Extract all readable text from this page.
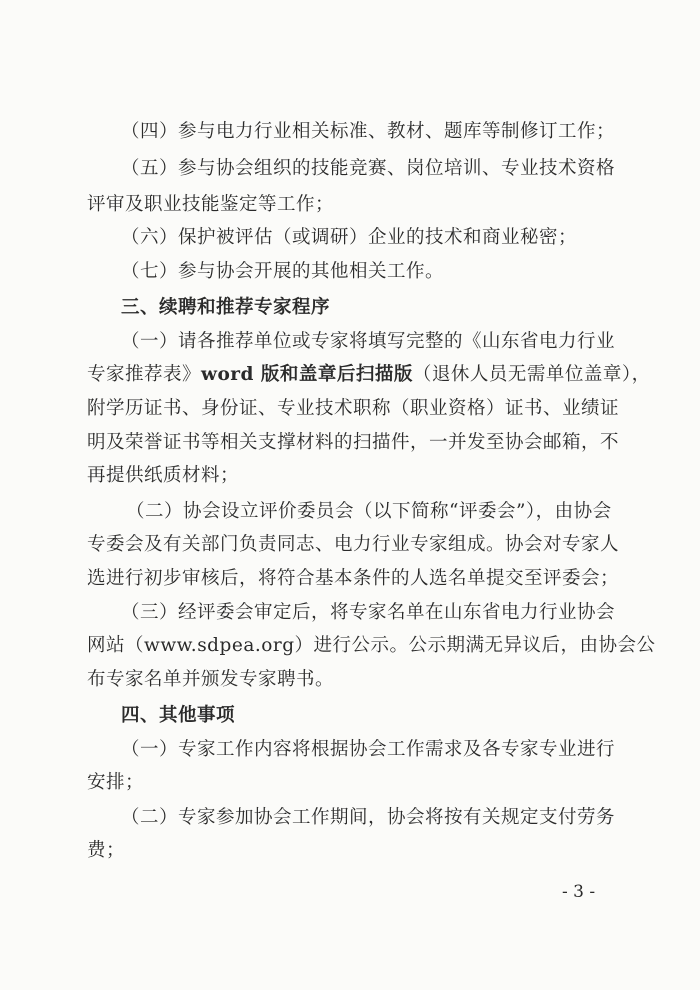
（四）参与电力行业相关标准、教材、题库等制修订工作；
（五）参与协会组织的技能竞赛、岗位培训、专业技术资格
评审及职业技能鉴定等工作；
（六）保护被评估（或调研）企业的技术和商业秘密；
（七）参与协会开展的其他相关工作。
三、续聘和推荐专家程序
（一）请各推荐单位或专家将填写完整的《山东省电力行业
专家推荐表》word 版和盖章后扫描版（退休人员无需单位盖章），
附学历证书、身份证、专业技术职称（职业资格）证书、业绩证
明及荣誉证书等相关支撑材料的扫描件，一并发至协会邮箱，不
再提供纸质材料；
（二）协会设立评价委员会（以下简称“评委会”），由协会
专委会及有关部门负责同志、电力行业专家组成。协会对专家人
选进行初步审核后，将符合基本条件的人选名单提交至评委会；
（三）经评委会审定后，将专家名单在山东省电力行业协会
网站（www.sdpea.org）进行公示。公示期满无异议后，由协会公
布专家名单并颁发专家聘书。
四、其他事项
（一）专家工作内容将根据协会工作需求及各专家专业进行
安排；
（二）专家参加协会工作期间，协会将按有关规定支付劳务
费；
- 3 -
